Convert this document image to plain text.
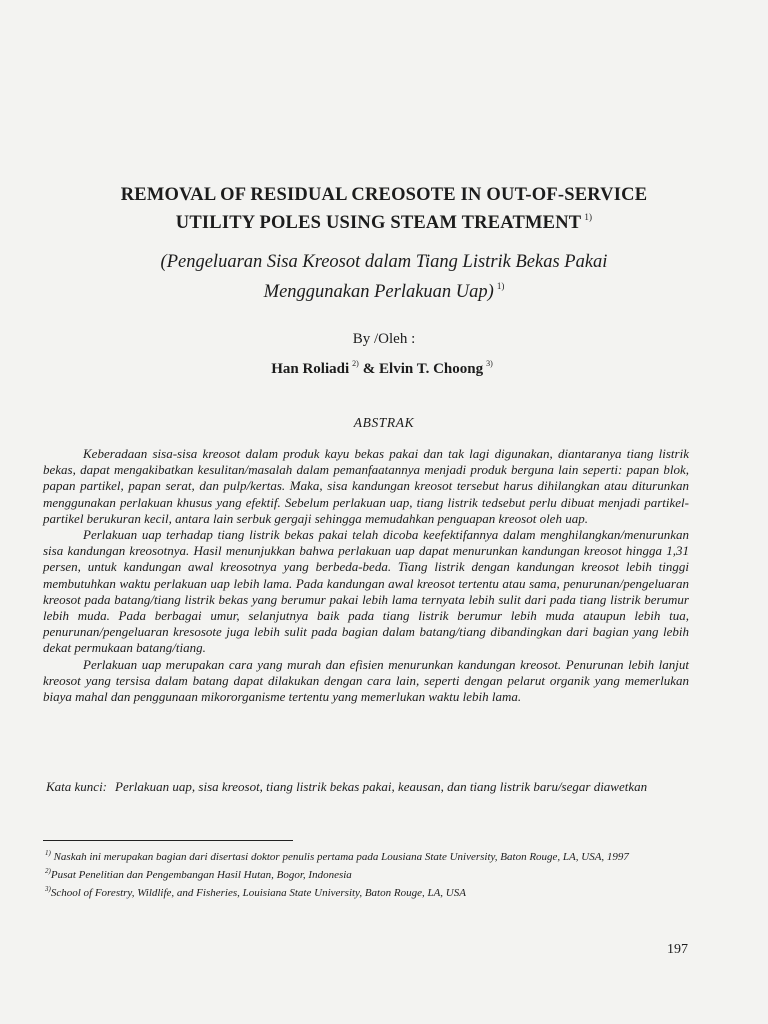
REMOVAL OF RESIDUAL CREOSOTE IN OUT-OF-SERVICE
UTILITY POLES USING STEAM TREATMENT $^{1)}$
(Pengeluaran Sisa Kreosot dalam Tiang Listrik Bekas Pakai
Menggunakan Perlakuan Uap) $^{1)}$
By /Oleh :
Han Roliadi $^{2)}$ & Elvin T. Choong $^{3)}$
ABSTRAK

Keberadaan sisa-sisa kreosot dalam produk kayu bekas pakai dan tak lagi digunakan, diantaranya tiang listrik bekas, dapat mengakibatkan kesulitan/masalah dalam pemanfaatannya menjadi produk berguna lain seperti: papan blok, papan partikel, papan serat, dan pulp/kertas. Maka, sisa kandungan kreosot tersebut harus dihilangkan atau diturunkan menggunakan perlakuan khusus yang efektif. Sebelum perlakuan uap, tiang listrik tedsebut perlu dibuat menjadi partikel-partikel berukuran kecil, antara lain serbuk gergaji sehingga memudahkan penguapan kreosot oleh uap.

Perlakuan uap terhadap tiang listrik bekas pakai telah dicoba keefektifannya dalam menghilangkan/menurunkan sisa kandungan kreosotnya. Hasil menunjukkan bahwa perlakuan uap dapat menurunkan kandungan kreosot hingga 1,31 persen, untuk kandungan awal kreosotnya yang berbeda-beda. Tiang listrik dengan kandungan kreosot lebih tinggi membutuhkan waktu perlakuan uap lebih lama. Pada kandungan awal kreosot tertentu atau sama, penurunan/pengeluaran kreosot pada batang/tiang listrik bekas yang berumur pakai lebih lama ternyata lebih sulit dari pada tiang listrik berumur lebih muda. Pada berbagai umur, selanjutnya baik pada tiang listrik berumur lebih muda ataupun lebih tua, penurunan/pengeluaran kresosote juga lebih sulit pada bagian dalam batang/tiang dibandingkan dari bagian yang lebih dekat permukaan batang/tiang.

Perlakuan uap merupakan cara yang murah dan efisien menurunkan kandungan kreosot. Penurunan lebih lanjut kreosot yang tersisa dalam batang dapat dilakukan dengan cara lain, seperti dengan pelarut organik yang memerlukan biaya mahal dan penggunaan mikororganisme tertentu yang memerlukan waktu lebih lama.

Kata kunci: Perlakuan uap, sisa kreosot, tiang listrik bekas pakai, keausan, dan tiang listrik baru/segar diawetkan
$^{1)}$ Naskah ini merupakan bagian dari disertasi doktor penulis pertama pada Lousiana State University, Baton Rouge, LA, USA, 1997
$^{2)}$Pusat Penelitian dan Pengembangan Hasil Hutan, Bogor, Indonesia
$^{3)}$School of Forestry, Wildlife, and Fisheries, Louisiana State University, Baton Rouge, LA, USA
197
